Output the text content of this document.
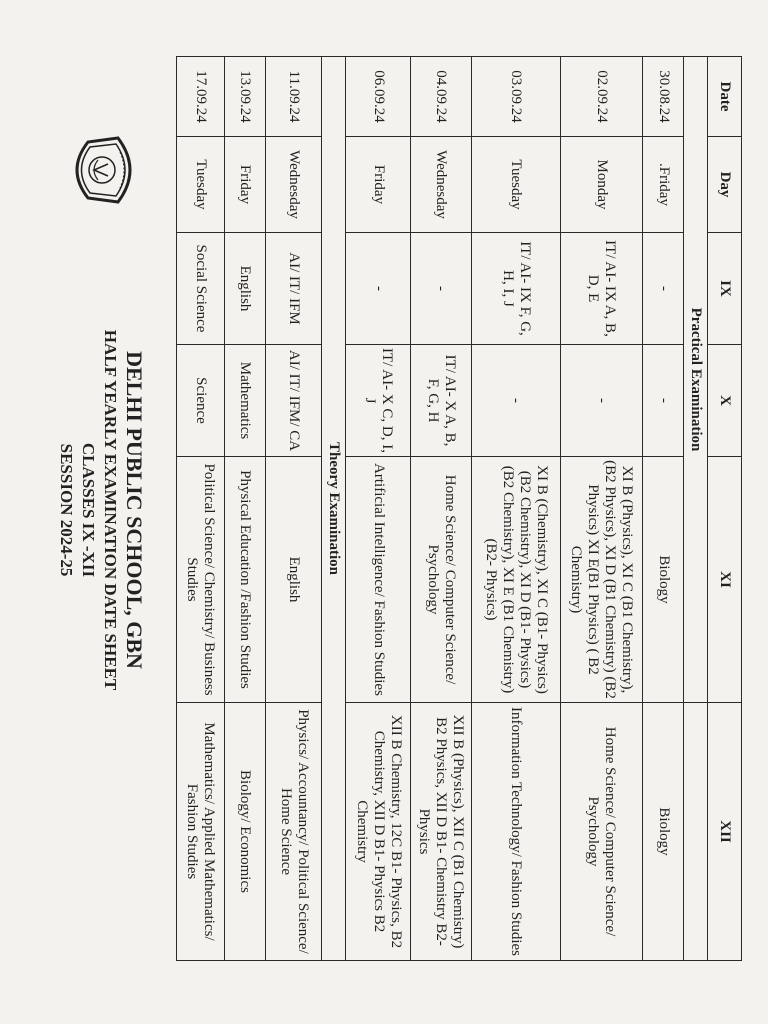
DELHI PUBLIC SCHOOL, GBN
HALF YEARLY EXAMINATION DATE SHEET
CLASSES IX -XII
SESSION 2024-25
Date	Day	IX	X	XI	XII
Practical Examination					
30.08.24	.Friday	-	-	Biology	Biology
02.09.24	Monday	IT/ AI- IX A, B, D, E	-	XI B (Physics), XI C (B1 Chemistry), (B2 Physics), XI D (B1 Chemistry) (B2 Physics) XI E(B1 Physics) ( B2 Chemistry)	Home Science/ Computer Science/ Psychology
03.09.24	Tuesday	IT/ AI- IX F, G, H, I, J	-	XI B (Chemistry), XI C (B1- Physics) (B2 Chemistry), XI D (B1- Physics) (B2 Chemistry), XI E (B1 Chemistry) (B2- Physics)	Information Technology/ Fashion Studies
04.09.24	Wednesday	-	IT/ AI- X A, B, F, G, H	Home Science/ Computer Science/ Psychology	XII B (Physics), XII C (B1 Chemistry) B2 Physics, XII D B1- Chemistry B2- Physics
06.09.24	Friday	-	IT/ AI- X C, D, I, J	Artificial Intelligence/ Fashion Studies	XII B Chemistry, 12C B1- Physics, B2 Chemistry, XII D B1- Physics B2 Chemistry
Theory Examination					
11.09.24	Wednesday	AI/ IT/ IFM	AI/ IT/ IFM/ CA	English	Physics/ Accountancy/ Political Science/ Home Science
13.09.24	Friday	English	Mathematics	Physical Education /Fashion Studies	Biology/ Economics
17.09.24	Tuesday	Social Science	Science	Political Science/ Chemistry/ Business Studies	Mathematics/ Applied Mathematics/ Fashion Studies
